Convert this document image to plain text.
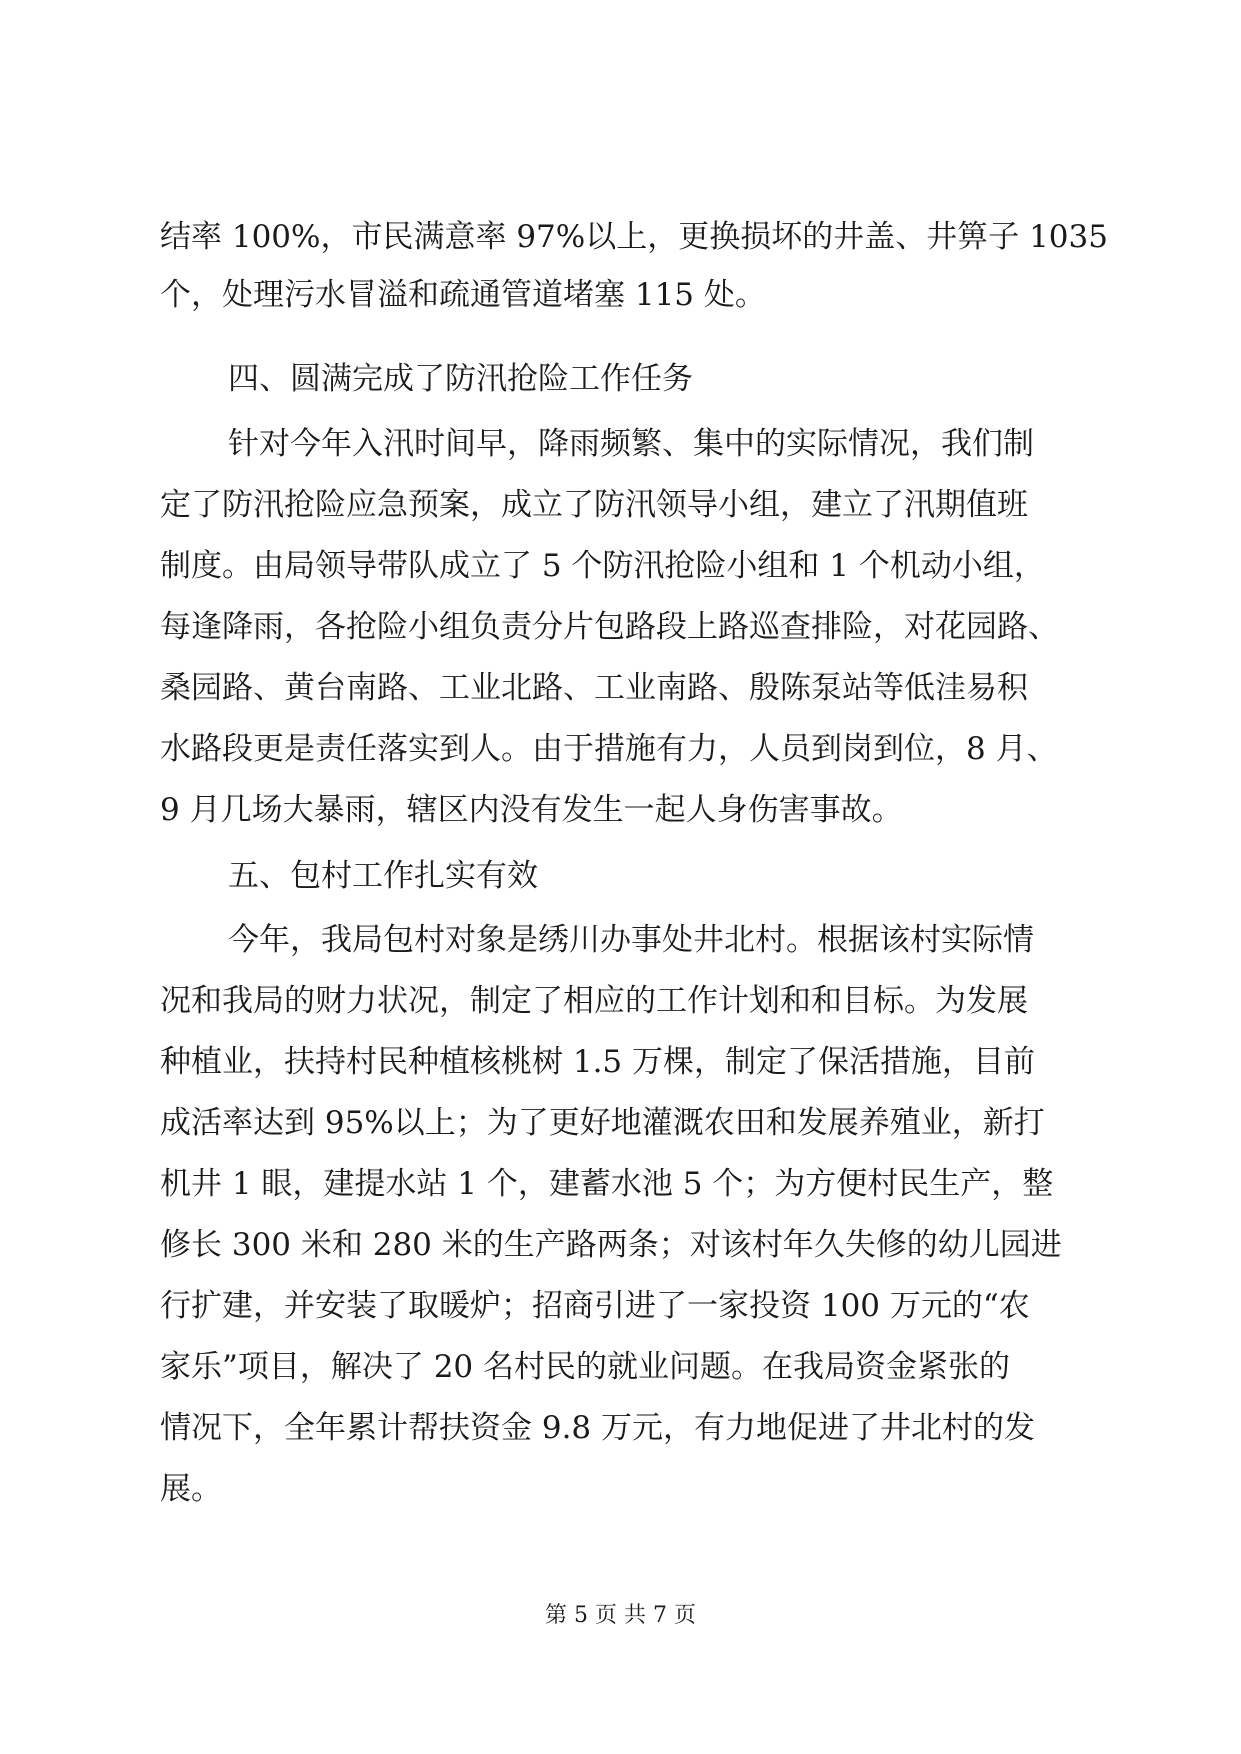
结率 100%，市民满意率 97%以上，更换损坏的井盖、井箅子 1035
个，处理污水冒溢和疏通管道堵塞 115 处。
四、圆满完成了防汛抢险工作任务
针对今年入汛时间早，降雨频繁、集中的实际情况，我们制
定了防汛抢险应急预案，成立了防汛领导小组，建立了汛期值班
制度。由局领导带队成立了 5 个防汛抢险小组和 1 个机动小组，
每逢降雨，各抢险小组负责分片包路段上路巡查排险，对花园路、
桑园路、黄台南路、工业北路、工业南路、殷陈泵站等低洼易积
水路段更是责任落实到人。由于措施有力，人员到岗到位，8 月、
9 月几场大暴雨，辖区内没有发生一起人身伤害事故。
五、包村工作扎实有效
今年，我局包村对象是绣川办事处井北村。根据该村实际情
况和我局的财力状况，制定了相应的工作计划和和目标。为发展
种植业，扶持村民种植核桃树 1.5 万棵，制定了保活措施，目前
成活率达到 95%以上；为了更好地灌溉农田和发展养殖业，新打
机井 1 眼，建提水站 1 个，建蓄水池 5 个；为方便村民生产，整
修长 300 米和 280 米的生产路两条；对该村年久失修的幼儿园进
行扩建，并安装了取暖炉；招商引进了一家投资 100 万元的“农
家乐”项目，解决了 20 名村民的就业问题。在我局资金紧张的
情况下，全年累计帮扶资金 9.8 万元，有力地促进了井北村的发
展。
第 5 页 共 7 页
